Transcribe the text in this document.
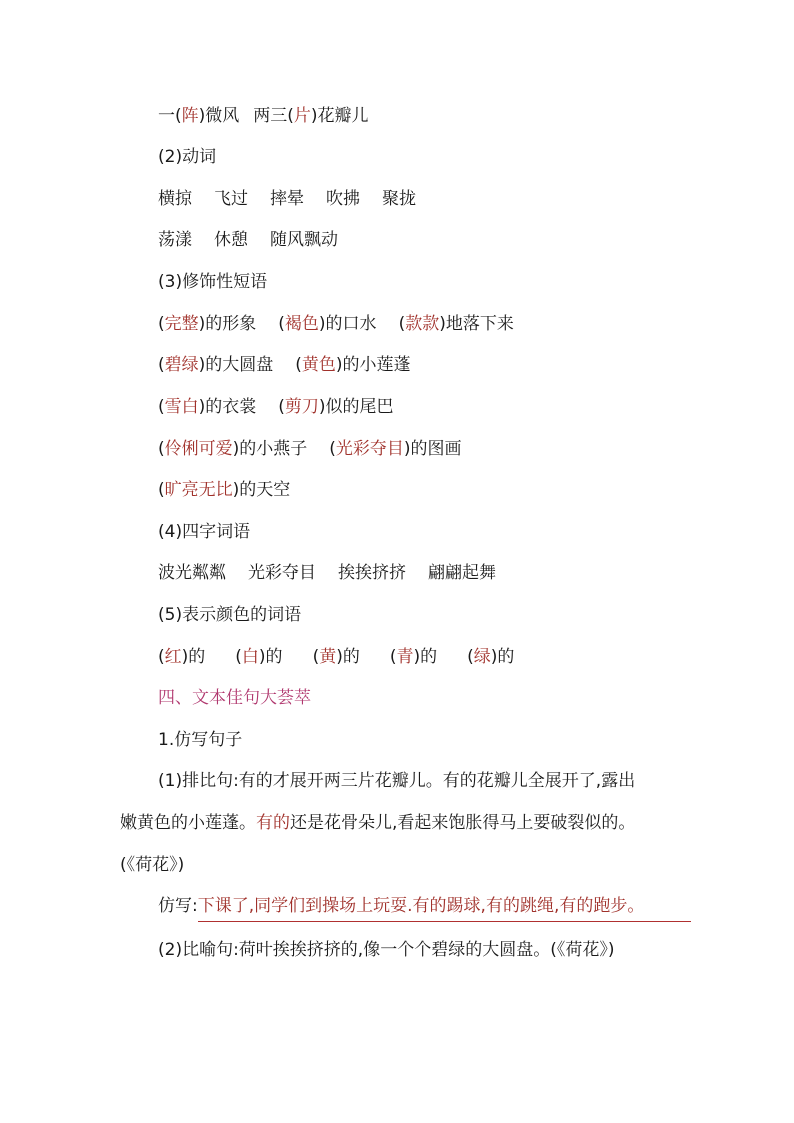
一(阵)微风 两三(片)花瓣儿
(2)动词
横掠 飞过 摔晕 吹拂 聚拢
荡漾 休憩 随风飘动
(3)修饰性短语
(完整)的形象 (褐色)的口水 (款款)地落下来
(碧绿)的大圆盘 (黄色)的小莲蓬
(雪白)的衣裳 (剪刀)似的尾巴
(伶俐可爱)的小燕子 (光彩夺目)的图画
(旷亮无比)的天空
(4)四字词语
波光粼粼 光彩夺目 挨挨挤挤 翩翩起舞
(5)表示颜色的词语
(红)的 (白)的 (黄)的 (青)的 (绿)的
四、文本佳句大荟萃
1.仿写句子
(1)排比句:有的才展开两三片花瓣儿。有的花瓣儿全展开了,露出
嫩黄色的小莲蓬。有的还是花骨朵儿,看起来饱胀得马上要破裂似的。
(《荷花》)
仿写:下课了,同学们到操场上玩耍.有的踢球,有的跳绳,有的跑步。
(2)比喻句:荷叶挨挨挤挤的,像一个个碧绿的大圆盘。(《荷花》)
